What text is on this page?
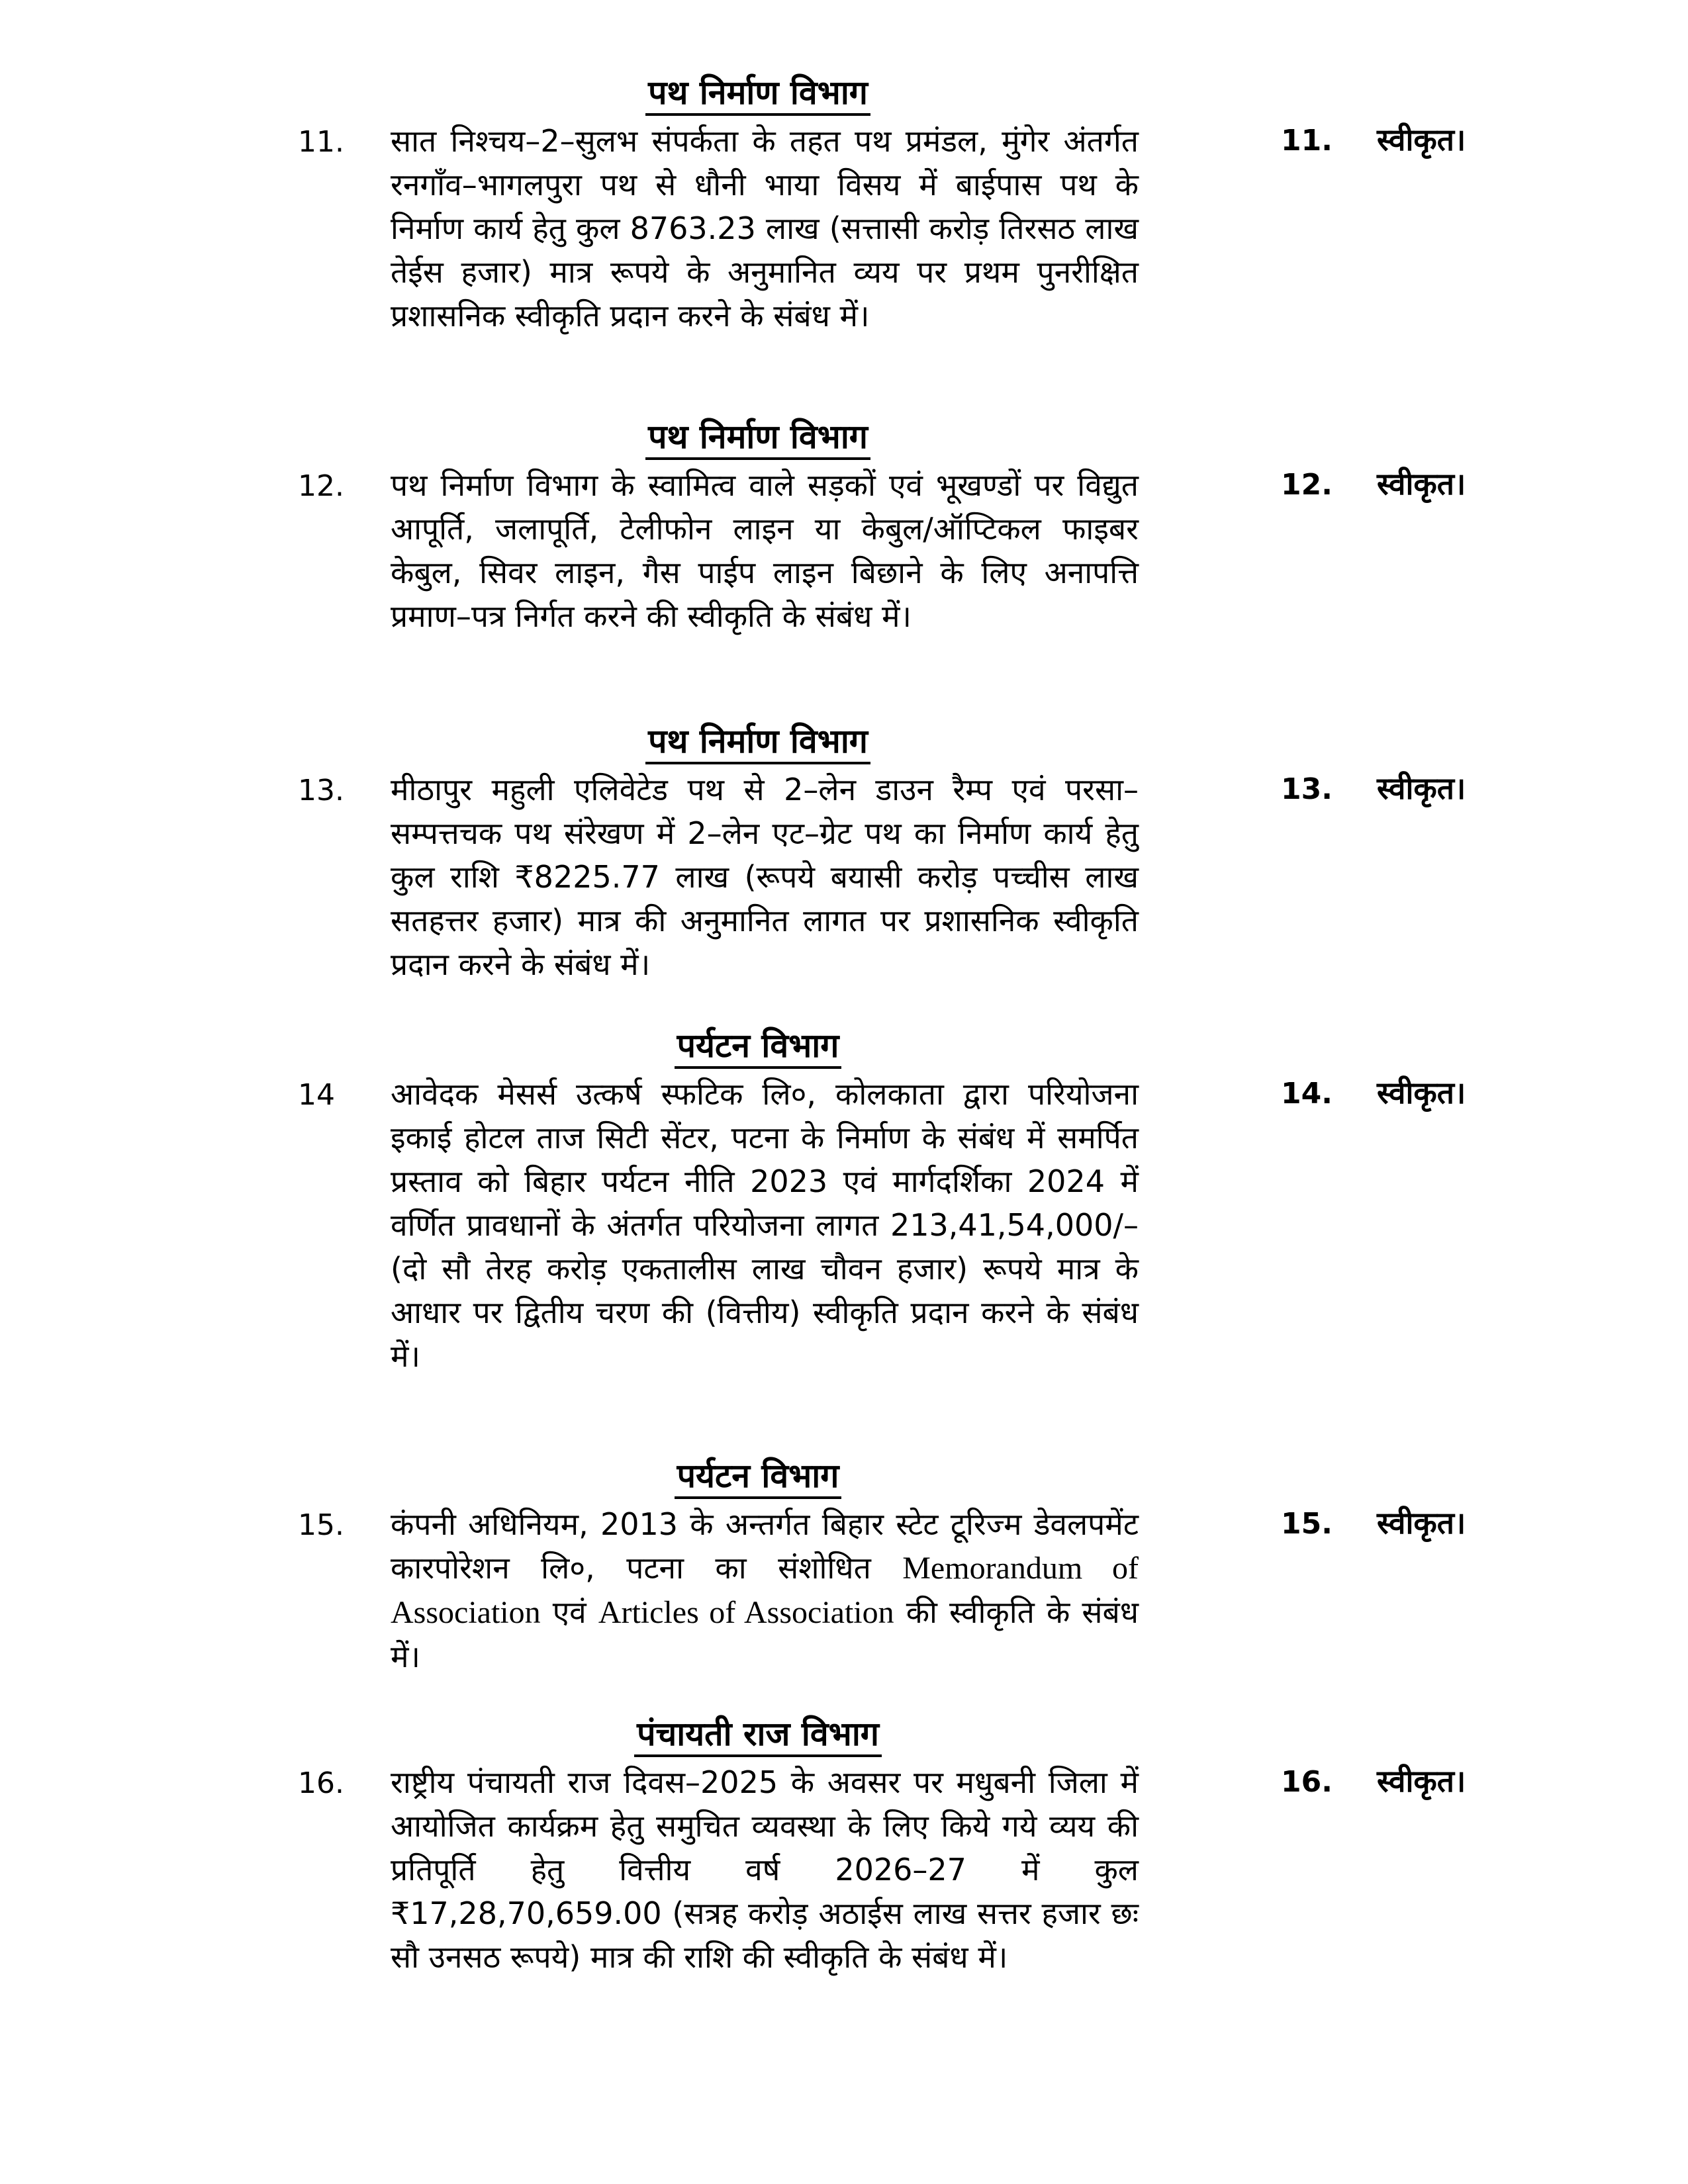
पथ निर्माण विभाग
11. सात निश्चय–2–सुलभ संपर्कता के तहत पथ प्रमंडल, मुंगेर अंतर्गत रनगाँव–भागलपुरा पथ से धौनी भाया विसय में बाईपास पथ के निर्माण कार्य हेतु कुल 8763.23 लाख (सत्तासी करोड़ तिरसठ लाख तेईस हजार) मात्र रूपये के अनुमानित व्यय पर प्रथम पुनरीक्षित प्रशासनिक स्वीकृति प्रदान करने के संबंध में।
11. स्वीकृत।
पथ निर्माण विभाग
12. पथ निर्माण विभाग के स्वामित्व वाले सड़कों एवं भूखण्डों पर विद्युत आपूर्ति, जलापूर्ति, टेलीफोन लाइन या केबुल/ऑप्टिकल फाइबर केबुल, सिवर लाइन, गैस पाईप लाइन बिछाने के लिए अनापत्ति प्रमाण–पत्र निर्गत करने की स्वीकृति के संबंध में।
12. स्वीकृत।
पथ निर्माण विभाग
13. मीठापुर महुली एलिवेटेड पथ से 2–लेन डाउन रैम्प एवं परसा–सम्पत्तचक पथ संरेखण में 2–लेन एट–ग्रेट पथ का निर्माण कार्य हेतु कुल राशि ₹8225.77 लाख (रूपये बयासी करोड़ पच्चीस लाख सतहत्तर हजार) मात्र की अनुमानित लागत पर प्रशासनिक स्वीकृति प्रदान करने के संबंध में।
13. स्वीकृत।
पर्यटन विभाग
14 आवेदक मेसर्स उत्कर्ष स्फटिक लि०, कोलकाता द्वारा परियोजना इकाई होटल ताज सिटी सेंटर, पटना के निर्माण के संबंध में समर्पित प्रस्ताव को बिहार पर्यटन नीति 2023 एवं मार्गदर्शिका 2024 में वर्णित प्रावधानों के अंतर्गत परियोजना लागत 213,41,54,000/–(दो सौ तेरह करोड़ एकतालीस लाख चौवन हजार) रूपये मात्र के आधार पर द्वितीय चरण की (वित्तीय) स्वीकृति प्रदान करने के संबंध में।
14. स्वीकृत।
पर्यटन विभाग
15. कंपनी अधिनियम, 2013 के अन्तर्गत बिहार स्टेट टूरिज्म डेवलपमेंट कारपोरेशन लि०, पटना का संशोधित Memorandum of Association एवं Articles of Association की स्वीकृति के संबंध में।
15. स्वीकृत।
पंचायती राज विभाग
16. राष्ट्रीय पंचायती राज दिवस–2025 के अवसर पर मधुबनी जिला में आयोजित कार्यक्रम हेतु समुचित व्यवस्था के लिए किये गये व्यय की प्रतिपूर्ति हेतु वित्तीय वर्ष 2026–27 में कुल ₹17,28,70,659.00 (सत्रह करोड़ अठाईस लाख सत्तर हजार छः सौ उनसठ रूपये) मात्र की राशि की स्वीकृति के संबंध में।
16. स्वीकृत।
